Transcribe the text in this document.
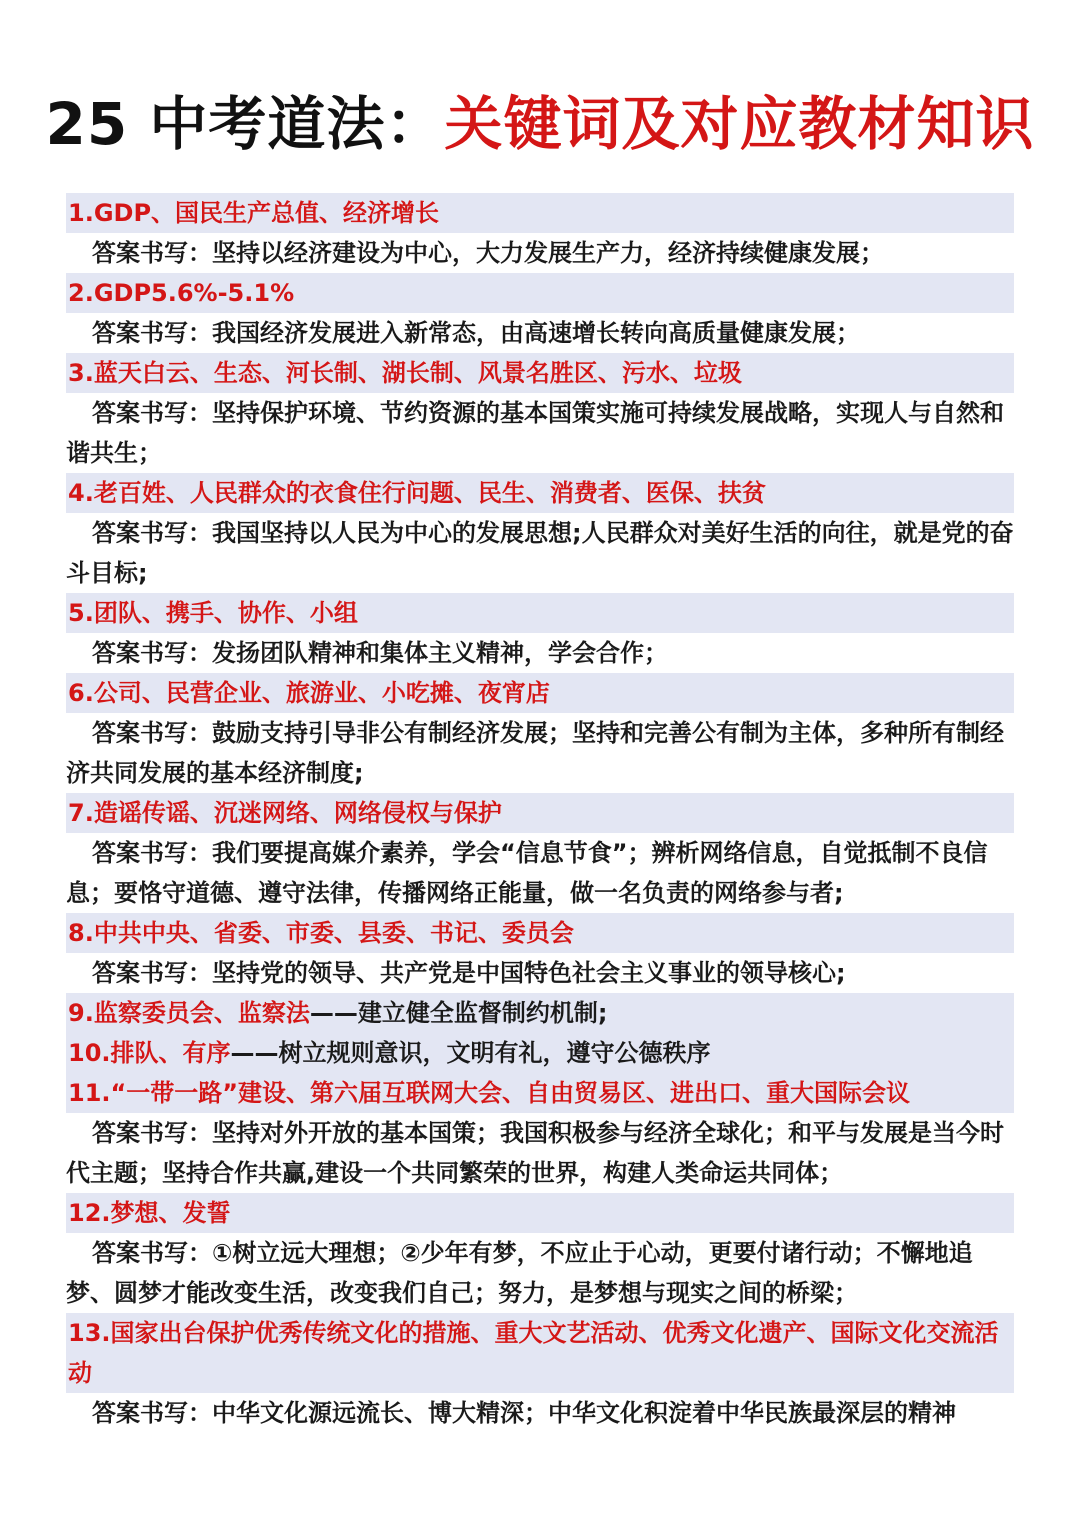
25 中考道法：关键词及对应教材知识
1.GDP、国民生产总值、经济增长
答案书写：坚持以经济建设为中心，大力发展生产力，经济持续健康发展；
2.GDP5.6%-5.1%
答案书写：我国经济发展进入新常态，由高速增长转向高质量健康发展；
3.蓝天白云、生态、河长制、湖长制、风景名胜区、污水、垃圾
答案书写：坚持保护环境、节约资源的基本国策实施可持续发展战略，实现人与自然和谐共生；
4.老百姓、人民群众的衣食住行问题、民生、消费者、医保、扶贫
答案书写：我国坚持以人民为中心的发展思想;人民群众对美好生活的向往，就是党的奋斗目标;
5.团队、携手、协作、小组
答案书写：发扬团队精神和集体主义精神，学会合作；
6.公司、民营企业、旅游业、小吃摊、夜宵店
答案书写：鼓励支持引导非公有制经济发展；坚持和完善公有制为主体，多种所有制经济共同发展的基本经济制度;
7.造谣传谣、沉迷网络、网络侵权与保护
答案书写：我们要提高媒介素养，学会“信息节食”；辨析网络信息，自觉抵制不良信息；要恪守道德、遵守法律，传播网络正能量，做一名负责的网络参与者;
8.中共中央、省委、市委、县委、书记、委员会
答案书写：坚持党的领导、共产党是中国特色社会主义事业的领导核心;
9.监察委员会、监察法——建立健全监督制约机制;
10.排队、有序——树立规则意识，文明有礼，遵守公德秩序
11.“一带一路”建设、第六届互联网大会、自由贸易区、进出口、重大国际会议
答案书写：坚持对外开放的基本国策；我国积极参与经济全球化；和平与发展是当今时代主题；坚持合作共赢,建设一个共同繁荣的世界，构建人类命运共同体；
12.梦想、发誓
答案书写：①树立远大理想；②少年有梦，不应止于心动，更要付诸行动；不懈地追梦、圆梦才能改变生活，改变我们自己；努力，是梦想与现实之间的桥梁；
13.国家出台保护优秀传统文化的措施、重大文艺活动、优秀文化遗产、国际文化交流活动
答案书写：中华文化源远流长、博大精深；中华文化积淀着中华民族最深层的精神
